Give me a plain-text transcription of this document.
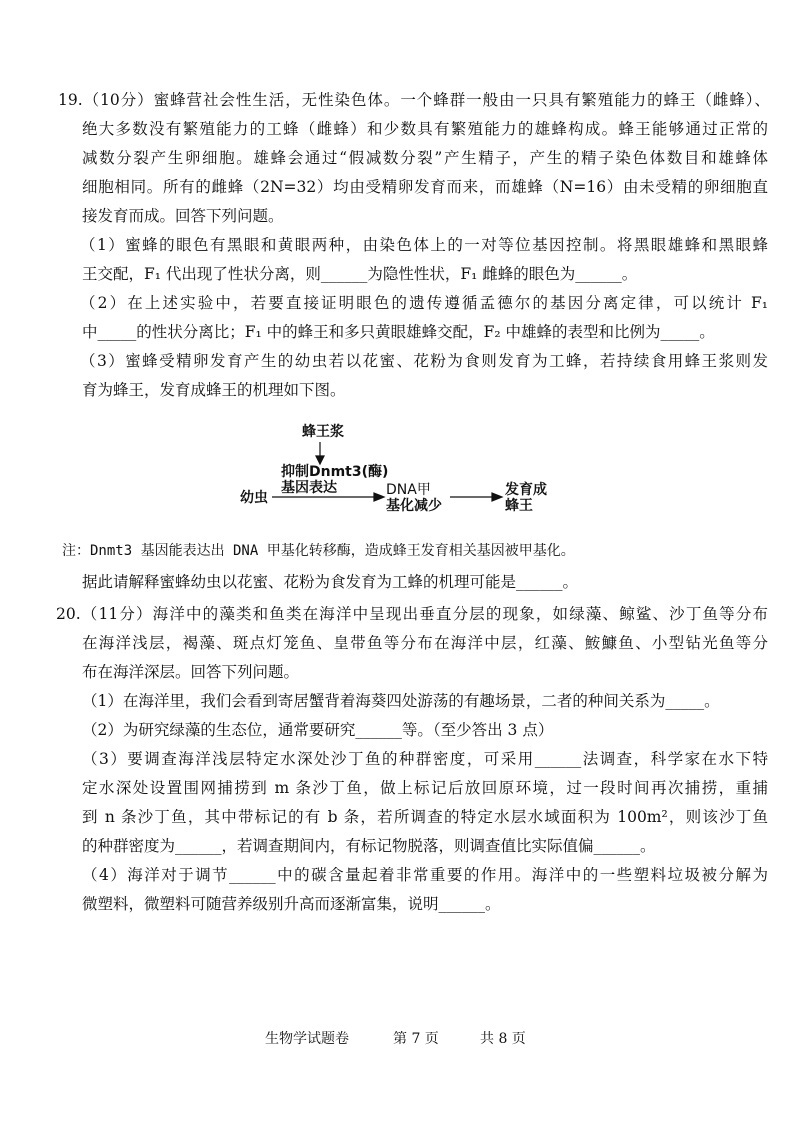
19.（10分）蜜蜂营社会性生活，无性染色体。一个蜂群一般由一只具有繁殖能力的蜂王（雌蜂）、
绝大多数没有繁殖能力的工蜂（雌蜂）和少数具有繁殖能力的雄蜂构成。蜂王能够通过正常的
减数分裂产生卵细胞。雄蜂会通过“假减数分裂”产生精子，产生的精子染色体数目和雄蜂体
细胞相同。所有的雌蜂（2N=32）均由受精卵发育而来，而雄蜂（N=16）由未受精的卵细胞直
接发育而成。回答下列问题。
（1）蜜蜂的眼色有黑眼和黄眼两种，由染色体上的一对等位基因控制。将黑眼雄蜂和黑眼蜂
王交配，F₁ 代出现了性状分离，则______为隐性性状，F₁ 雌蜂的眼色为______。
（2）在上述实验中，若要直接证明眼色的遗传遵循孟德尔的基因分离定律，可以统计 F₁
中_____的性状分离比；F₁ 中的蜂王和多只黄眼雄蜂交配，F₂ 中雄蜂的表型和比例为_____。
（3）蜜蜂受精卵发育产生的幼虫若以花蜜、花粉为食则发育为工蜂，若持续食用蜂王浆则发
育为蜂王，发育成蜂王的机理如下图。
蜂王浆
抑制Dnmt3(酶)
基因表达
幼虫	DNA甲
基化减少
发育成
蜂王
注：Dnmt3 基因能表达出 DNA 甲基化转移酶，造成蜂王发育相关基因被甲基化。
据此请解释蜜蜂幼虫以花蜜、花粉为食发育为工蜂的机理可能是______。
20.（11分）海洋中的藻类和鱼类在海洋中呈现出垂直分层的现象，如绿藻、鲸鲨、沙丁鱼等分布
在海洋浅层，褐藻、斑点灯笼鱼、皇带鱼等分布在海洋中层，红藻、鮟鱇鱼、小型钻光鱼等分
布在海洋深层。回答下列问题。
（1）在海洋里，我们会看到寄居蟹背着海葵四处游荡的有趣场景，二者的种间关系为_____。
（2）为研究绿藻的生态位，通常要研究______等。（至少答出 3 点）
（3）要调查海洋浅层特定水深处沙丁鱼的种群密度，可采用______法调查，科学家在水下特
定水深处设置围网捕捞到 m 条沙丁鱼，做上标记后放回原环境，过一段时间再次捕捞，重捕
到 n 条沙丁鱼，其中带标记的有 b 条，若所调查的特定水层水域面积为 100m²，则该沙丁鱼
的种群密度为______，若调查期间内，有标记物脱落，则调查值比实际值偏______。
（4）海洋对于调节______中的碳含量起着非常重要的作用。海洋中的一些塑料垃圾被分解为
微塑料，微塑料可随营养级别升高而逐渐富集，说明______。
生物学试题卷	第 7 页	共 8 页
